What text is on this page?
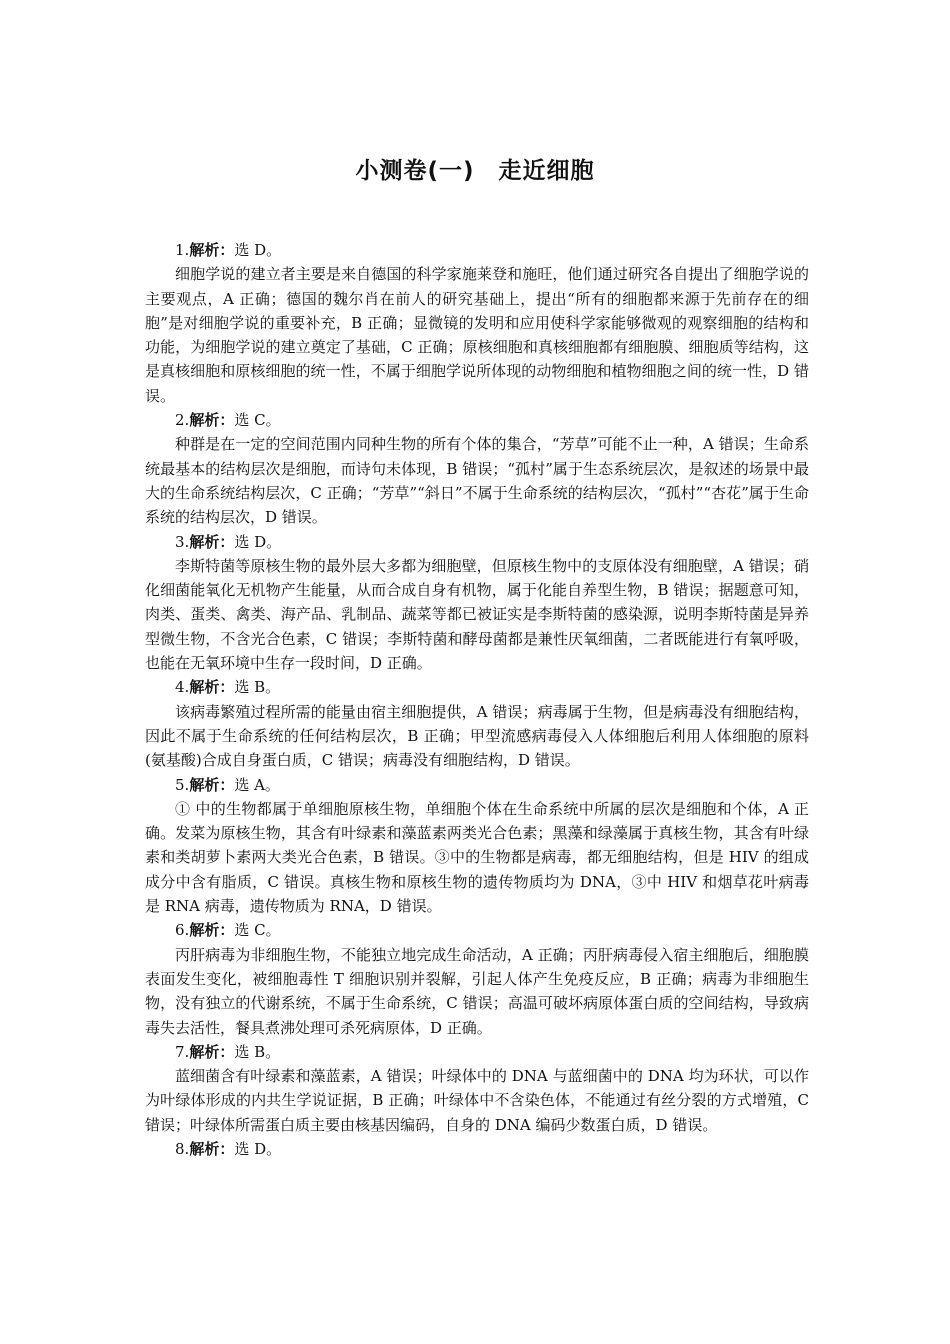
小测卷(一)　走近细胞

1.解析：选 D。

细胞学说的建立者主要是来自德国的科学家施莱登和施旺，他们通过研究各自提出了细胞学说的主要观点，A 正确；德国的魏尔肖在前人的研究基础上，提出“所有的细胞都来源于先前存在的细胞”是对细胞学说的重要补充，B 正确；显微镜的发明和应用使科学家能够微观的观察细胞的结构和功能，为细胞学说的建立奠定了基础，C 正确；原核细胞和真核细胞都有细胞膜、细胞质等结构，这是真核细胞和原核细胞的统一性，不属于细胞学说所体现的动物细胞和植物细胞之间的统一性，D 错误。

2.解析：选 C。

种群是在一定的空间范围内同种生物的所有个体的集合，“芳草”可能不止一种，A 错误；生命系统最基本的结构层次是细胞，而诗句未体现，B 错误；“孤村”属于生态系统层次，是叙述的场景中最大的生命系统结构层次，C 正确；“芳草”“斜日”不属于生命系统的结构层次，“孤村”“杏花”属于生命系统的结构层次，D 错误。

3.解析：选 D。

李斯特菌等原核生物的最外层大多都为细胞壁，但原核生物中的支原体没有细胞壁，A 错误；硝化细菌能氧化无机物产生能量，从而合成自身有机物，属于化能自养型生物，B 错误；据题意可知，肉类、蛋类、禽类、海产品、乳制品、蔬菜等都已被证实是李斯特菌的感染源，说明李斯特菌是异养型微生物，不含光合色素，C 错误；李斯特菌和酵母菌都是兼性厌氧细菌，二者既能进行有氧呼吸，也能在无氧环境中生存一段时间，D 正确。

4.解析：选 B。

该病毒繁殖过程所需的能量由宿主细胞提供，A 错误；病毒属于生物，但是病毒没有细胞结构，因此不属于生命系统的任何结构层次，B 正确；甲型流感病毒侵入人体细胞后利用人体细胞的原料(氨基酸)合成自身蛋白质，C 错误；病毒没有细胞结构，D 错误。

5.解析：选 A。

① 中的生物都属于单细胞原核生物，单细胞个体在生命系统中所属的层次是细胞和个体，A 正确。发菜为原核生物，其含有叶绿素和藻蓝素两类光合色素；黑藻和绿藻属于真核生物，其含有叶绿素和类胡萝卜素两大类光合色素，B 错误。③中的生物都是病毒，都无细胞结构，但是 HIV 的组成成分中含有脂质，C 错误。真核生物和原核生物的遗传物质均为 DNA，③中 HIV 和烟草花叶病毒是 RNA 病毒，遗传物质为 RNA，D 错误。

6.解析：选 C。

丙肝病毒为非细胞生物，不能独立地完成生命活动，A 正确；丙肝病毒侵入宿主细胞后，细胞膜表面发生变化，被细胞毒性 T 细胞识别并裂解，引起人体产生免疫反应，B 正确；病毒为非细胞生物，没有独立的代谢系统，不属于生命系统，C 错误；高温可破坏病原体蛋白质的空间结构，导致病毒失去活性，餐具煮沸处理可杀死病原体，D 正确。

7.解析：选 B。

蓝细菌含有叶绿素和藻蓝素，A 错误；叶绿体中的 DNA 与蓝细菌中的 DNA 均为环状，可以作为叶绿体形成的内共生学说证据，B 正确；叶绿体中不含染色体，不能通过有丝分裂的方式增殖，C 错误；叶绿体所需蛋白质主要由核基因编码，自身的 DNA 编码少数蛋白质，D 错误。

8.解析：选 D。
